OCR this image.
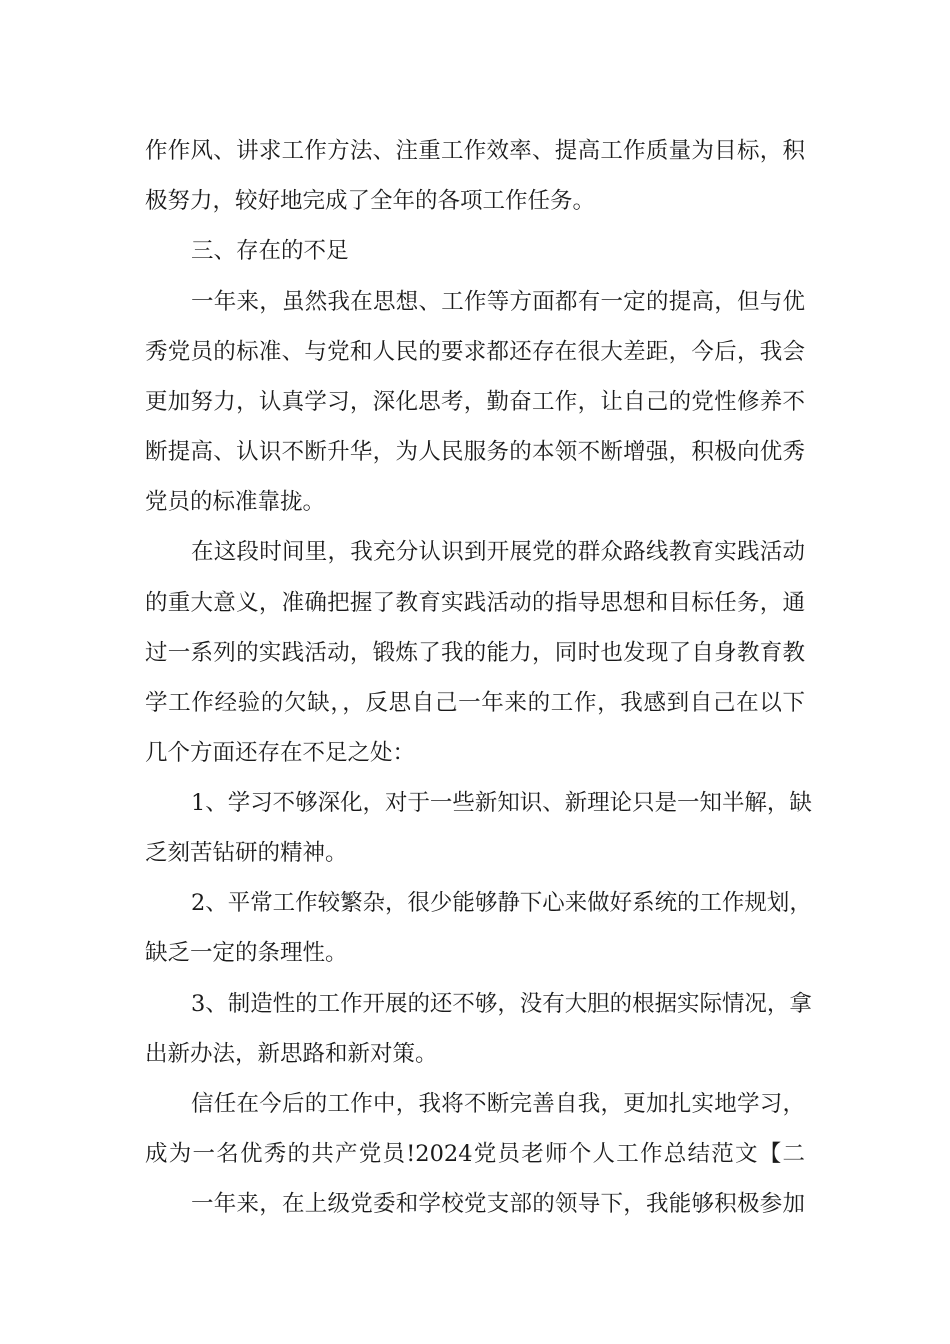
作作风、讲求工作方法、注重工作效率、提高工作质量为目标，积
极努力，较好地完成了全年的各项工作任务。
三、存在的不足
一年来，虽然我在思想、工作等方面都有一定的提高，但与优
秀党员的标准、与党和人民的要求都还存在很大差距，今后，我会
更加努力，认真学习，深化思考，勤奋工作，让自己的党性修养不
断提高、认识不断升华，为人民服务的本领不断增强，积极向优秀
党员的标准靠拢。
在这段时间里，我充分认识到开展党的群众路线教育实践活动
的重大意义，准确把握了教育实践活动的指导思想和目标任务，通
过一系列的实践活动，锻炼了我的能力，同时也发现了自身教育教
学工作经验的欠缺，，反思自己一年来的工作，我感到自己在以下
几个方面还存在不足之处：
1、学习不够深化，对于一些新知识、新理论只是一知半解，缺
乏刻苦钻研的精神。
2、平常工作较繁杂，很少能够静下心来做好系统的工作规划，
缺乏一定的条理性。
3、制造性的工作开展的还不够，没有大胆的根据实际情况，拿
出新办法，新思路和新对策。
信任在今后的工作中，我将不断完善自我，更加扎实地学习，
成为一名优秀的共产党员!2024党员老师个人工作总结范文【二
一年来，在上级党委和学校党支部的领导下，我能够积极参加
